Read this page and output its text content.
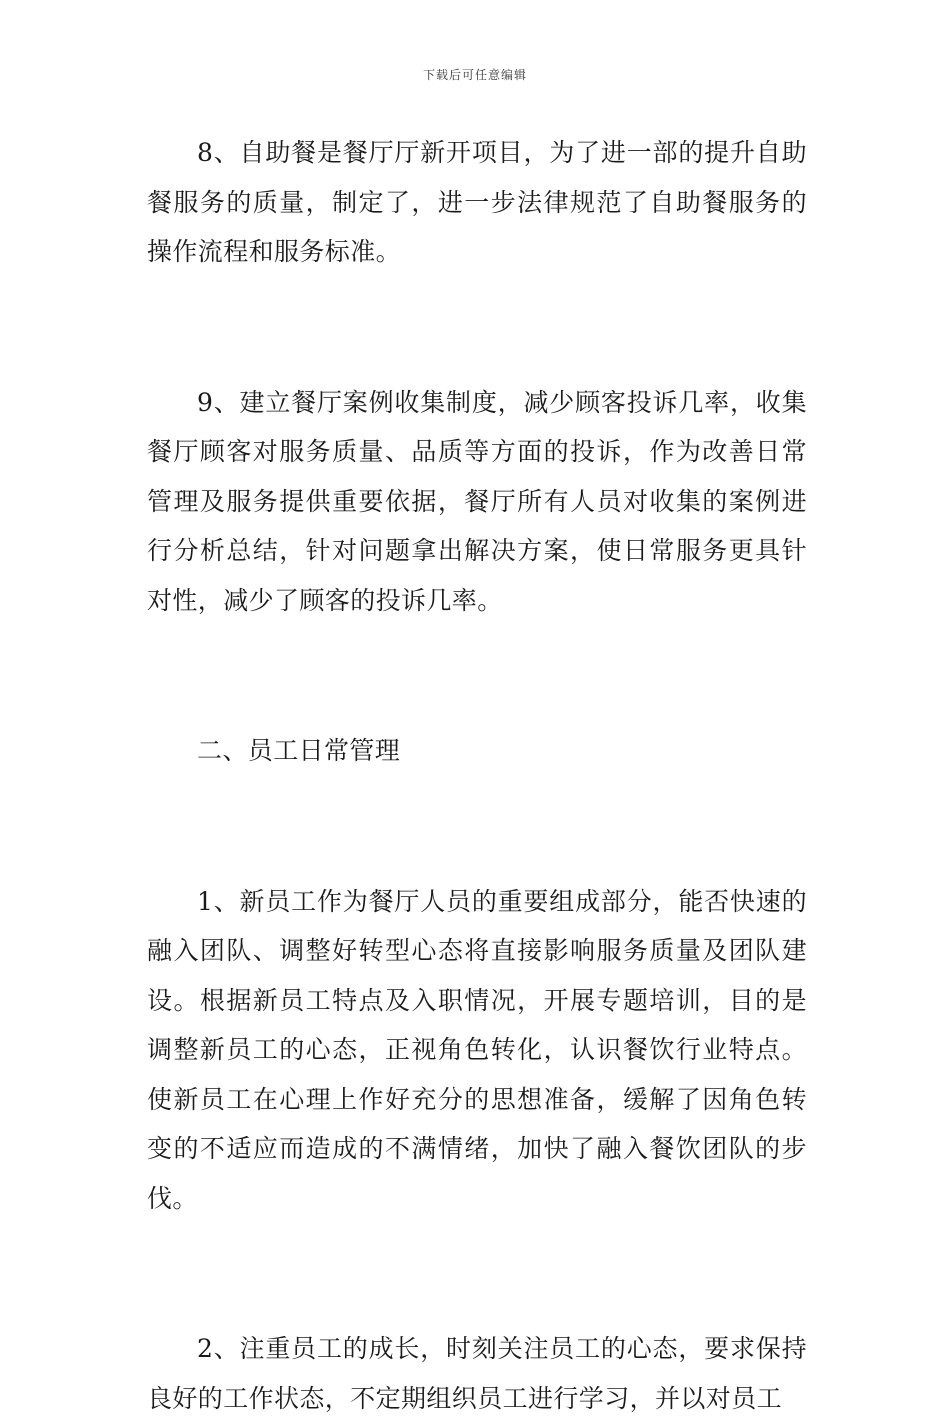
下载后可任意编辑

8、自助餐是餐厅厅新开项目，为了进一部的提升自助餐服务的质量，制定了，进一步法律规范了自助餐服务的操作流程和服务标准。

9、建立餐厅案例收集制度，减少顾客投诉几率，收集餐厅顾客对服务质量、品质等方面的投诉，作为改善日常管理及服务提供重要依据，餐厅所有人员对收集的案例进行分析总结，针对问题拿出解决方案，使日常服务更具针对性，减少了顾客的投诉几率。

二、员工日常管理

1、新员工作为餐厅人员的重要组成部分，能否快速的融入团队、调整好转型心态将直接影响服务质量及团队建设。根据新员工特点及入职情况，开展专题培训，目的是调整新员工的心态，正视角色转化，认识餐饮行业特点。使新员工在心理上作好充分的思想准备，缓解了因角色转变的不适应而造成的不满情绪，加快了融入餐饮团队的步伐。

2、注重员工的成长，时刻关注员工的心态，要求保持良好的工作状态，不定期组织员工进行学习，并以对员工
